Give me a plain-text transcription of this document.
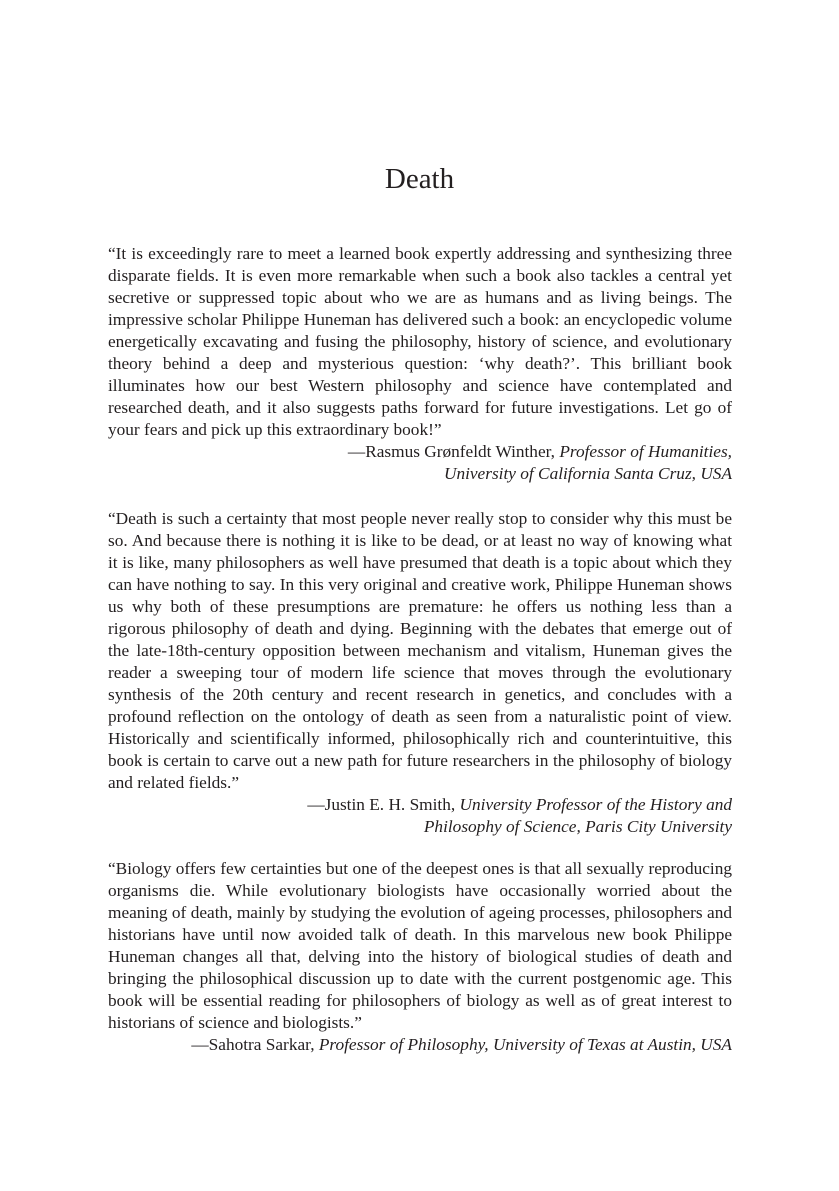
Death

“It is exceedingly rare to meet a learned book expertly addressing and synthesizing three disparate fields. It is even more remarkable when such a book also tackles a central yet secretive or suppressed topic about who we are as humans and as living beings. The impressive scholar Philippe Huneman has delivered such a book: an encyclopedic volume energetically excavating and fusing the philosophy, history of science, and evolutionary theory behind a deep and mysterious question: ‘why death?’. This brilliant book illuminates how our best Western philosophy and science have contemplated and researched death, and it also suggests paths forward for future investigations. Let go of your fears and pick up this extraordinary book!”

—Rasmus Grønfeldt Winther, Professor of Humanities,
University of California Santa Cruz, USA

“Death is such a certainty that most people never really stop to consider why this must be so. And because there is nothing it is like to be dead, or at least no way of knowing what it is like, many philosophers as well have presumed that death is a topic about which they can have nothing to say. In this very original and creative work, Philippe Huneman shows us why both of these presumptions are premature: he offers us nothing less than a rigorous philosophy of death and dying. Beginning with the debates that emerge out of the late-18th-century opposition between mechanism and vitalism, Huneman gives the reader a sweeping tour of modern life science that moves through the evolutionary synthesis of the 20th century and recent research in genetics, and concludes with a profound reflection on the ontology of death as seen from a naturalistic point of view. Historically and scientifically informed, philosophically rich and counterintuitive, this book is certain to carve out a new path for future researchers in the philosophy of biology and related fields.”

—Justin E. H. Smith, University Professor of the History and
Philosophy of Science, Paris City University

“Biology offers few certainties but one of the deepest ones is that all sexually reproducing organisms die. While evolutionary biologists have occasionally worried about the meaning of death, mainly by studying the evolution of ageing processes, philosophers and historians have until now avoided talk of death. In this marvelous new book Philippe Huneman changes all that, delving into the history of biological studies of death and bringing the philosophical discussion up to date with the current postgenomic age. This book will be essential reading for philosophers of biology as well as of great interest to historians of science and biologists.”

—Sahotra Sarkar, Professor of Philosophy, University of Texas at Austin, USA
